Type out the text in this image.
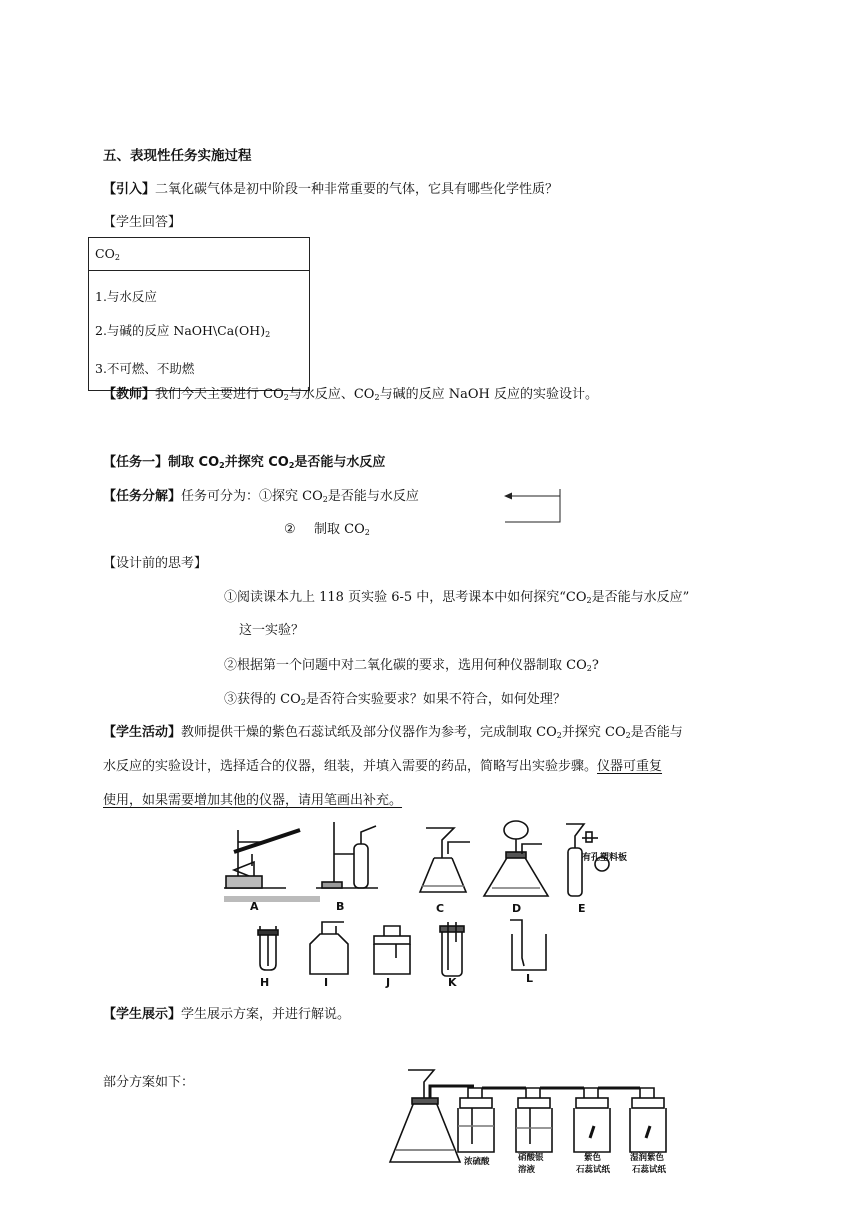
五、表现性任务实施过程
【引入】二氧化碳气体是初中阶段一种非常重要的气体，它具有哪些化学性质？
【学生回答】
$CO_2$

1.与水反应
2.与碱的反应 $NaOH\backslash Ca(OH)_2$
3.不可燃、不助燃
【教师】我们今天主要进行 $CO_2$与水反应、$CO_2$与碱的反应 NaOH 反应的实验设计。
【任务一】制取 $CO_2$并探究 $CO_2$是否能与水反应
【任务分解】任务可分为：①探究 $CO_2$是否能与水反应
② 制取 $CO_2$
【设计前的思考】
①阅读课本九上 118 页实验 6-5 中，思考课本中如何探究“$CO_2$是否能与水反应”
这一实验？
②根据第一个问题中对二氧化碳的要求，选用何种仪器制取 $CO_2$?
③获得的 $CO_2$是否符合实验要求？如果不符合，如何处理？
【学生活动】教师提供干燥的紫色石蕊试纸及部分仪器作为参考，完成制取 $CO_2$并探究 $CO_2$是否能与
水反应的实验设计，选择适合的仪器，组装，并填入需要的药品，简略写出实验步骤。仪器可重复
使用，如果需要增加其他的仪器，请用笔画出补充。
A	B	C	D	E
H	I	J	K	L
有孔塑料板
【学生展示】学生展示方案，并进行解说。
部分方案如下：
浓硫酸	硝酸银
溶液
紫色
石蕊试纸
湿润紫色
石蕊试纸
